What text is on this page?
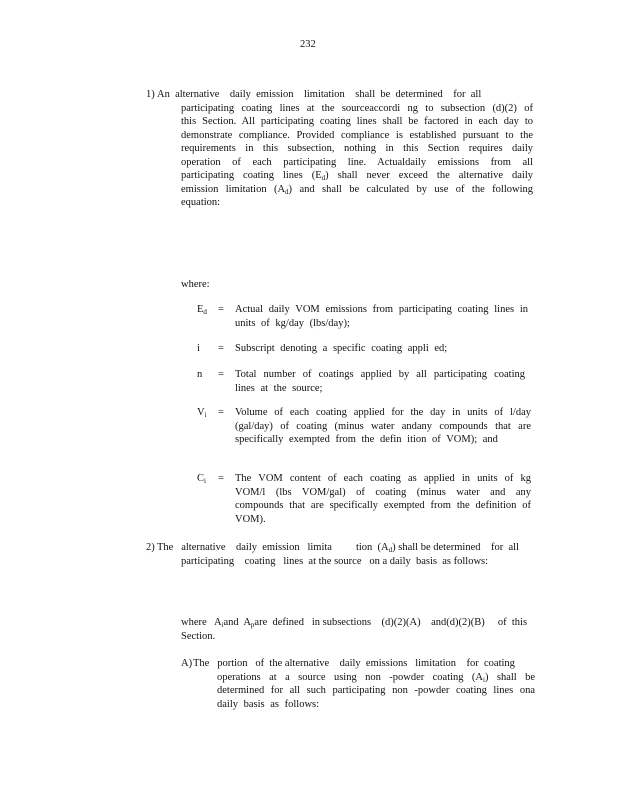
232
1) An  alternative    daily  emission    limitation    shall  be  determined    for  all
participating coating lines at the sourceaccordi ng to subsection (d)(2) of this Section. All participating coating lines shall be factored in each day to demonstrate compliance. Provided compliance is established pursuant to the requirements in this subsection, nothing in this Section requires daily operation of each participating line. Actualdaily emissions from all participating coating lines $(E_d)$ shall never exceed the alternative daily emission limitation $(A_d)$ and shall be calculated by use of the following equation:
where:
$E_d$ = Actual daily VOM emissions from participating coating lines in units of kg/day (lbs/day);
i = Subscript denoting a specific coating appli ed;
n = Total number of coatings applied by all participating coating lines at the source;
$V_i$ = Volume of each coating applied for the day in units of l/day (gal/day) of coating (minus water andany compounds that are specifically exempted from the defin ition of VOM); and
$C_i$ = The VOM content of each coating as applied in units of kg VOM/l (lbs VOM/gal) of coating (minus water and any compounds that are specifically exempted from the definition of VOM).
2) The   alternative    daily  emission   limita tion  $(A_d)$ shall be determined    for  all
participating    coating   lines  at the source   on a daily  basis  as follows:
where   $A_iand$  $A_pare$  defined   in subsections    (d)(2)(A)    and(d)(2)(B)     of  this
Section.
A) The   portion   of  the alternative    daily  emissions   limitation    for  coating
operations at a source using non -powder coating $(A_i)$ shall be determined for all such participating non -powder coating lines ona daily basis as follows:
